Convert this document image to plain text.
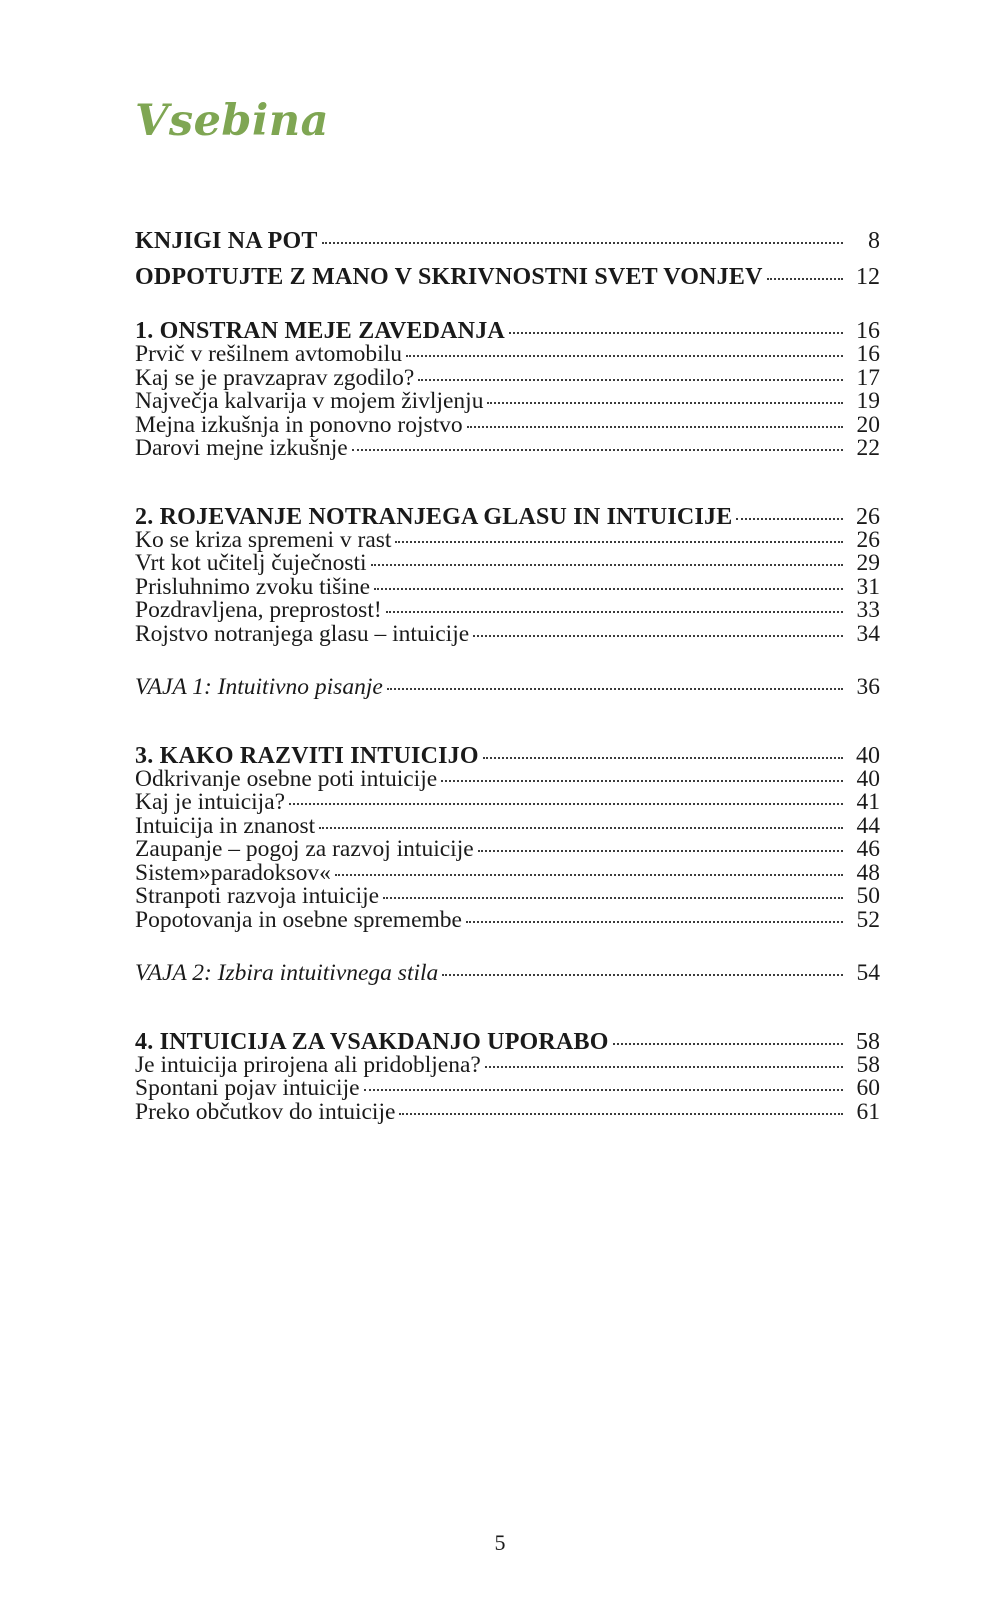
Vsebina
KNJIGI NA POT	8
ODPOTUJTE Z MANO V SKRIVNOSTNI SVET VONJEV	12
1. ONSTRAN MEJE ZAVEDANJA	16
Prvič v rešilnem avtomobilu	16
Kaj se je pravzaprav zgodilo?	17
Največja kalvarija v mojem življenju	19
Mejna izkušnja in ponovno rojstvo	20
Darovi mejne izkušnje	22
2. ROJEVANJE NOTRANJEGA GLASU IN INTUICIJE	26
Ko se kriza spremeni v rast	26
Vrt kot učitelj čuječnosti	29
Prisluhnimo zvoku tišine	31
Pozdravljena, preprostost!	33
Rojstvo notranjega glasu – intuicije	34
VAJA 1: Intuitivno pisanje	36
3. KAKO RAZVITI INTUICIJO	40
Odkrivanje osebne poti intuicije	40
Kaj je intuicija?	41
Intuicija in znanost	44
Zaupanje – pogoj za razvoj intuicije	46
Sistem»paradoksov«	48
Stranpoti razvoja intuicije	50
Popotovanja in osebne spremembe	52
VAJA 2: Izbira intuitivnega stila	54
4. INTUICIJA ZA VSAKDANJO UPORABO	58
Je intuicija prirojena ali pridobljena?	58
Spontani pojav intuicije	60
Preko občutkov do intuicije	61
5
